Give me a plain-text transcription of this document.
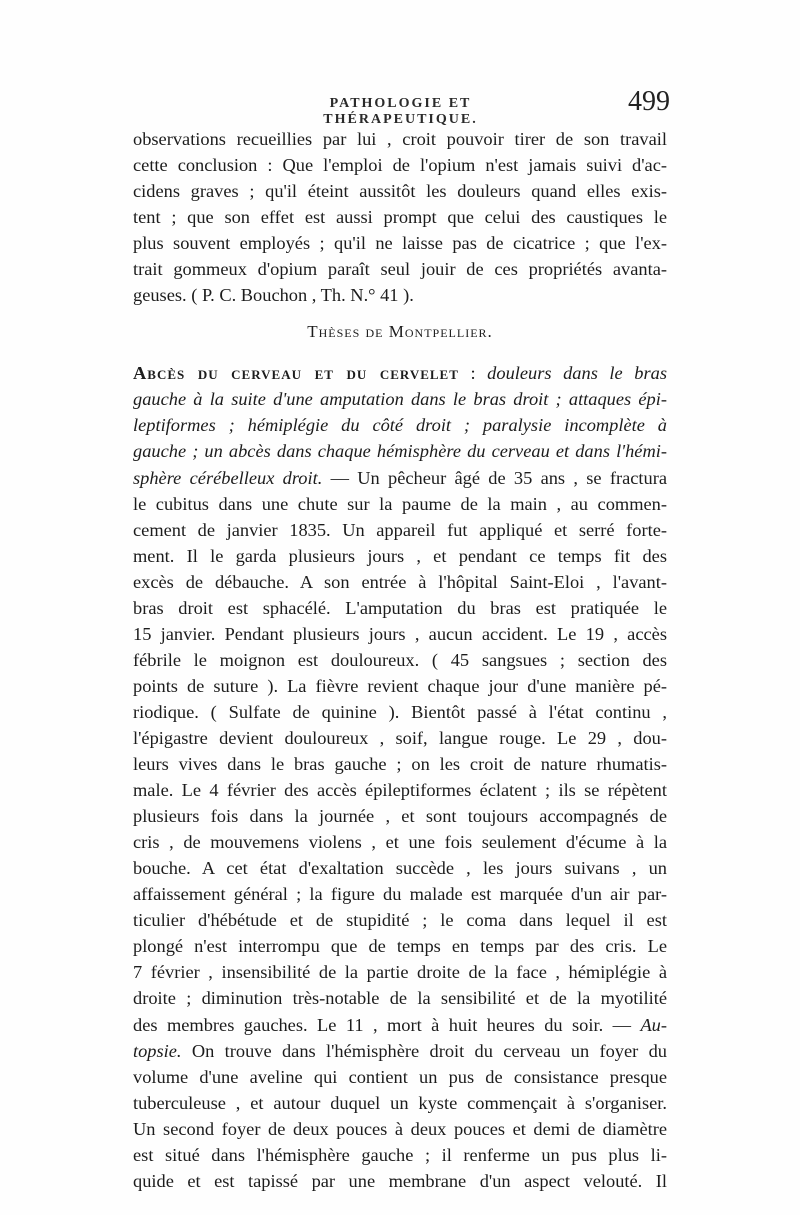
PATHOLOGIE ET THÉRAPEUTIQUE.
499
observations recueillies par lui , croit pouvoir tirer de son travail
cette conclusion : Que l'emploi de l'opium n'est jamais suivi d'ac-
cidens graves ; qu'il éteint aussitôt les douleurs quand elles exis-
tent ; que son effet est aussi prompt que celui des caustiques le
plus souvent employés ; qu'il ne laisse pas de cicatrice ; que l'ex-
trait gommeux d'opium paraît seul jouir de ces propriétés avanta-
geuses. ( P. C. Bouchon , Th. N.° 41 ).
Thèses de Montpellier.
Abcès du cerveau et du cervelet : douleurs dans le bras
gauche à la suite d'une amputation dans le bras droit ; attaques épi-
leptiformes ; hémiplégie du côté droit ; paralysie incomplète à
gauche ; un abcès dans chaque hémisphère du cerveau et dans l'hémi-
sphère cérébelleux droit. — Un pêcheur âgé de 35 ans , se fractura
le cubitus dans une chute sur la paume de la main , au commen-
cement de janvier 1835. Un appareil fut appliqué et serré forte-
ment. Il le garda plusieurs jours , et pendant ce temps fit des
excès de débauche. A son entrée à l'hôpital Saint-Eloi , l'avant-
bras droit est sphacélé. L'amputation du bras est pratiquée le
15 janvier. Pendant plusieurs jours , aucun accident. Le 19 , accès
fébrile le moignon est douloureux. ( 45 sangsues ; section des
points de suture ). La fièvre revient chaque jour d'une manière pé-
riodique. ( Sulfate de quinine ). Bientôt passé à l'état continu ,
l'épigastre devient douloureux , soif, langue rouge. Le 29 , dou-
leurs vives dans le bras gauche ; on les croit de nature rhumatis-
male. Le 4 février des accès épileptiformes éclatent ; ils se répètent
plusieurs fois dans la journée , et sont toujours accompagnés de
cris , de mouvemens violens , et une fois seulement d'écume à la
bouche. A cet état d'exaltation succède , les jours suivans , un
affaissement général ; la figure du malade est marquée d'un air par-
ticulier d'hébétude et de stupidité ; le coma dans lequel il est
plongé n'est interrompu que de temps en temps par des cris. Le
7 février , insensibilité de la partie droite de la face , hémiplégie à
droite ; diminution très-notable de la sensibilité et de la myotilité
des membres gauches. Le 11 , mort à huit heures du soir. — Au-
topsie. On trouve dans l'hémisphère droit du cerveau un foyer du
volume d'une aveline qui contient un pus de consistance presque
tuberculeuse , et autour duquel un kyste commençait à s'organiser.
Un second foyer de deux pouces à deux pouces et demi de diamètre
est situé dans l'hémisphère gauche ; il renferme un pus plus li-
quide et est tapissé par une membrane d'un aspect velouté. Il
